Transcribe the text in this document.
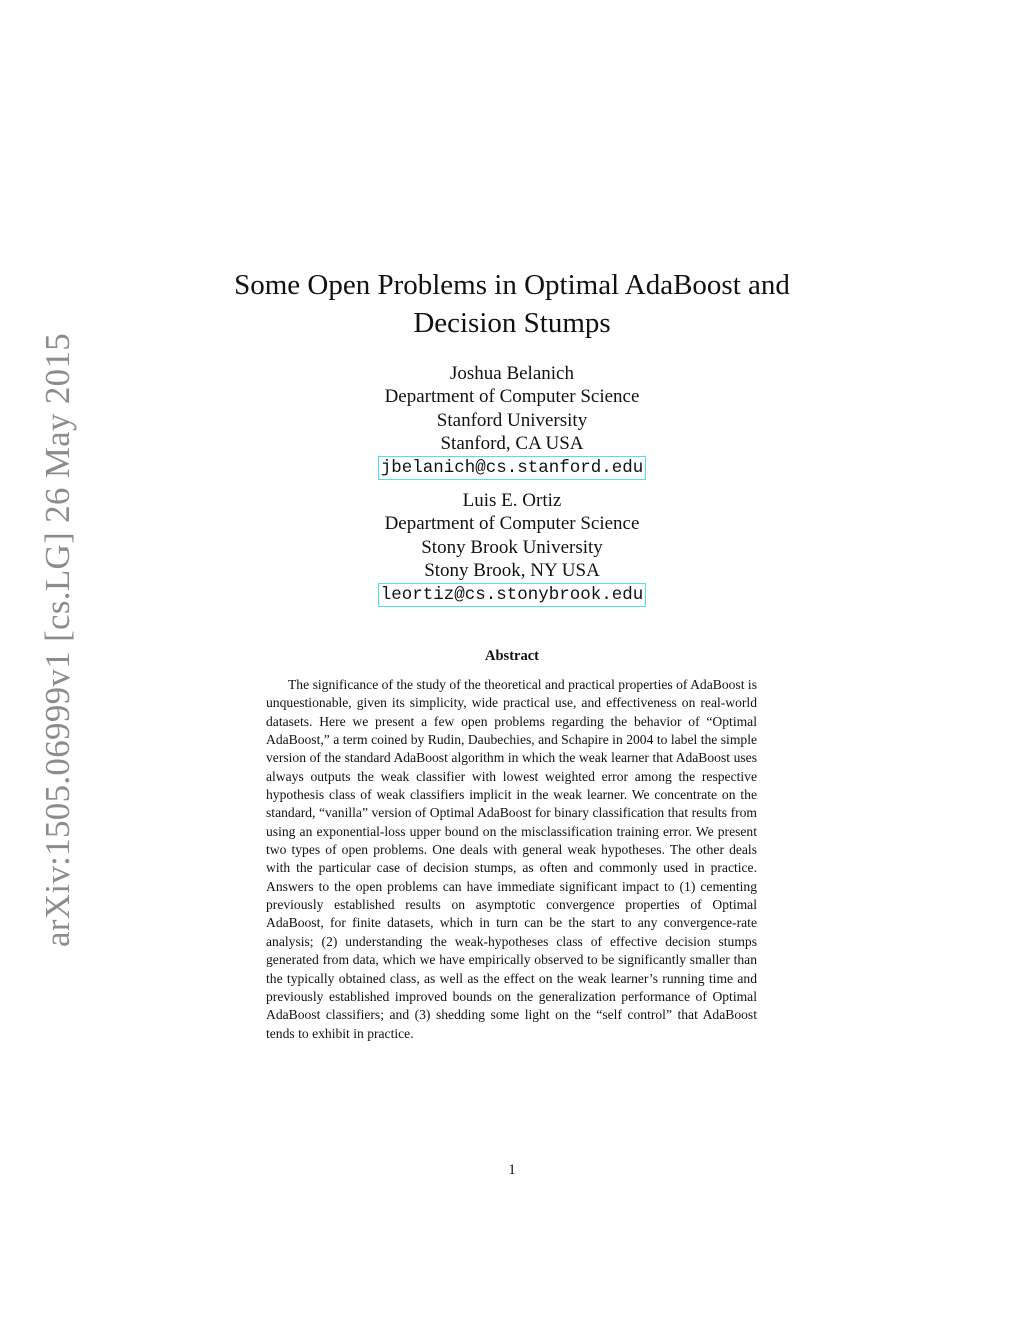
arXiv:1505.06999v1 [cs.LG] 26 May 2015
Some Open Problems in Optimal AdaBoost and
Decision Stumps
Joshua Belanich
Department of Computer Science
Stanford University
Stanford, CA USA
jbelanich@cs.stanford.edu
Luis E. Ortiz
Department of Computer Science
Stony Brook University
Stony Brook, NY USA
leortiz@cs.stonybrook.edu
Abstract

The significance of the study of the theoretical and practical properties of AdaBoost is unquestionable, given its simplicity, wide practical use, and effectiveness on real-world datasets. Here we present a few open problems regarding the behavior of “Optimal AdaBoost,” a term coined by Rudin, Daubechies, and Schapire in 2004 to label the simple version of the standard AdaBoost algorithm in which the weak learner that AdaBoost uses always outputs the weak classifier with lowest weighted error among the respective hypothesis class of weak classifiers implicit in the weak learner. We concentrate on the standard, “vanilla” version of Optimal AdaBoost for binary classification that results from using an exponential-loss upper bound on the misclassification training error. We present two types of open problems. One deals with general weak hypotheses. The other deals with the particular case of decision stumps, as often and commonly used in practice. Answers to the open problems can have immediate significant impact to (1) cementing previously established results on asymptotic convergence properties of Optimal AdaBoost, for finite datasets, which in turn can be the start to any convergence-rate analysis; (2) understanding the weak-hypotheses class of effective decision stumps generated from data, which we have empirically observed to be significantly smaller than the typically obtained class, as well as the effect on the weak learner’s running time and previously established improved bounds on the generalization performance of Optimal AdaBoost classifiers; and (3) shedding some light on the “self control” that AdaBoost tends to exhibit in practice.

1
